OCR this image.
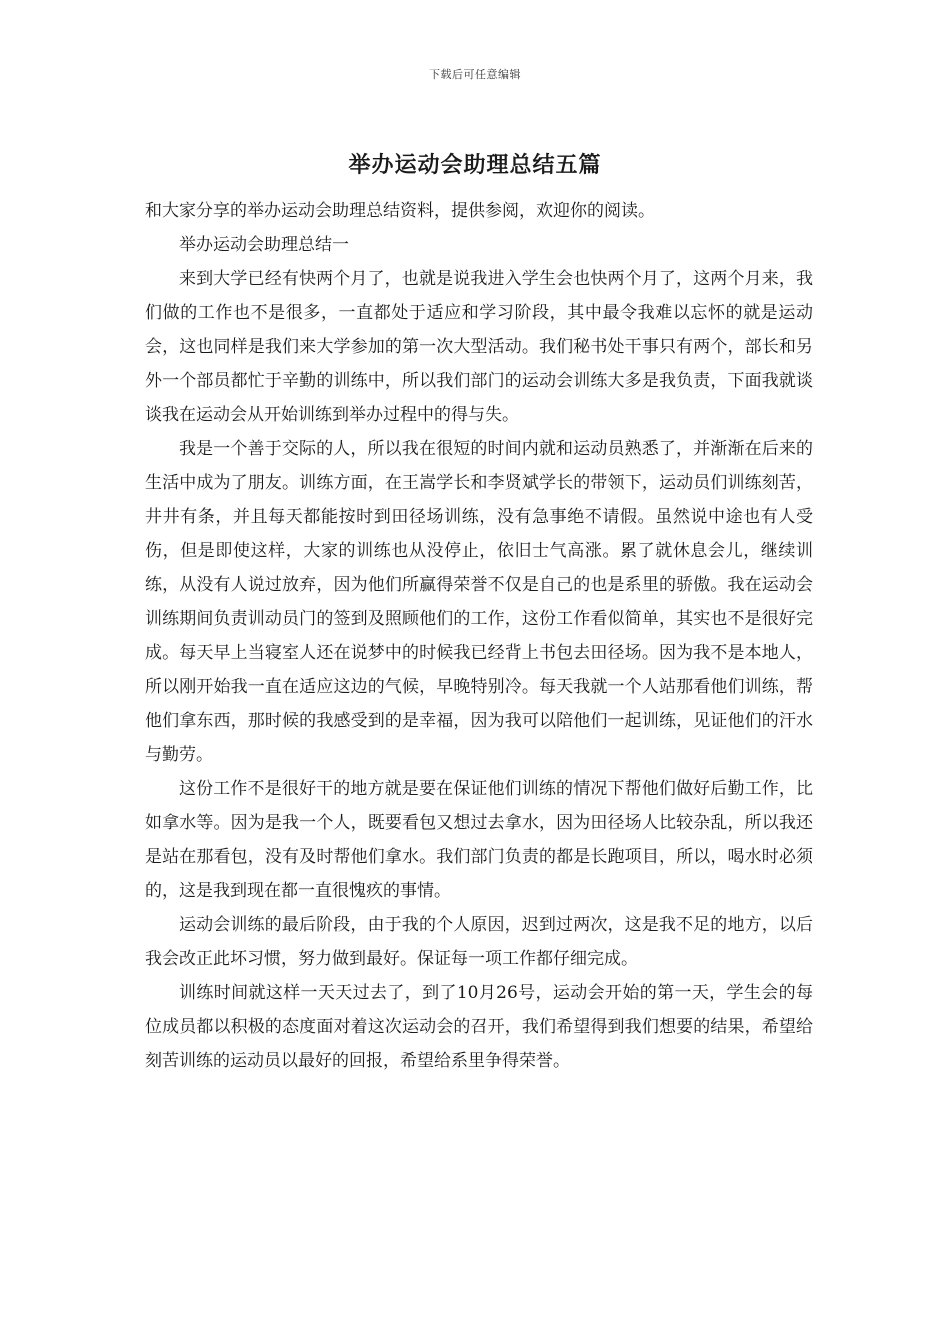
下载后可任意编辑
举办运动会助理总结五篇

和大家分享的举办运动会助理总结资料，提供参阅，欢迎你的阅读。

举办运动会助理总结一

来到大学已经有快两个月了，也就是说我进入学生会也快两个月了，这两个月来，我们做的工作也不是很多，一直都处于适应和学习阶段，其中最令我难以忘怀的就是运动会，这也同样是我们来大学参加的第一次大型活动。我们秘书处干事只有两个，部长和另外一个部员都忙于辛勤的训练中，所以我们部门的运动会训练大多是我负责，下面我就谈谈我在运动会从开始训练到举办过程中的得与失。

我是一个善于交际的人，所以我在很短的时间内就和运动员熟悉了，并渐渐在后来的生活中成为了朋友。训练方面，在王嵩学长和李贤斌学长的带领下，运动员们训练刻苦，井井有条，并且每天都能按时到田径场训练，没有急事绝不请假。虽然说中途也有人受伤，但是即使这样，大家的训练也从没停止，依旧士气高涨。累了就休息会儿，继续训练，从没有人说过放弃，因为他们所赢得荣誉不仅是自己的也是系里的骄傲。我在运动会训练期间负责训动员门的签到及照顾他们的工作，这份工作看似简单，其实也不是很好完成。每天早上当寝室人还在说梦中的时候我已经背上书包去田径场。因为我不是本地人，所以刚开始我一直在适应这边的气候，早晚特别冷。每天我就一个人站那看他们训练，帮他们拿东西，那时候的我感受到的是幸福，因为我可以陪他们一起训练，见证他们的汗水与勤劳。

这份工作不是很好干的地方就是要在保证他们训练的情况下帮他们做好后勤工作，比如拿水等。因为是我一个人，既要看包又想过去拿水，因为田径场人比较杂乱，所以我还是站在那看包，没有及时帮他们拿水。我们部门负责的都是长跑项目，所以，喝水时必须的，这是我到现在都一直很愧疚的事情。

运动会训练的最后阶段，由于我的个人原因，迟到过两次，这是我不足的地方，以后我会改正此坏习惯，努力做到最好。保证每一项工作都仔细完成。

训练时间就这样一天天过去了，到了10月26号，运动会开始的第一天，学生会的每位成员都以积极的态度面对着这次运动会的召开，我们希望得到我们想要的结果，希望给刻苦训练的运动员以最好的回报，希望给系里争得荣誉。
